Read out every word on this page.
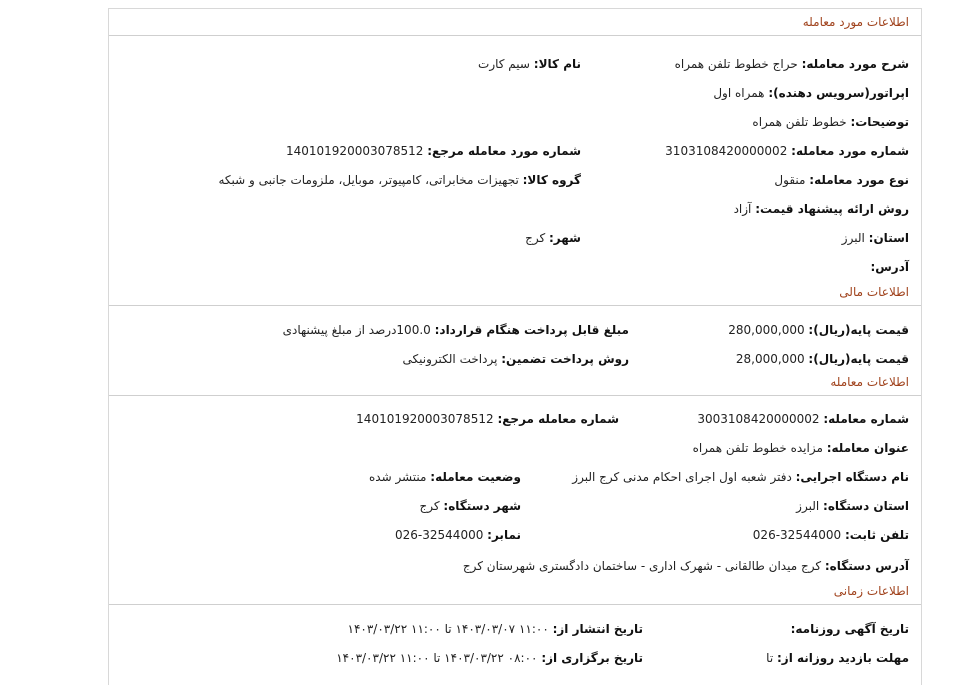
اطلاعات مورد معامله
شرح مورد معامله: حراج خطوط تلفن همراه
نام کالا: سیم کارت
اپراتور(سرویس دهنده): همراه اول
توضیحات: خطوط تلفن همراه
شماره مورد معامله: 3103108420000002
شماره مورد معامله مرجع: 140101920003078512
نوع مورد معامله: منقول
گروه کالا: تجهیزات مخابراتی، کامپیوتر، موبایل، ملزومات جانبی و شبکه
روش ارائه پیشنهاد قیمت: آزاد
استان: البرز
شهر: کرج
آدرس:
اطلاعات مالی
قیمت پایه(ریال): 280,000,000
مبلغ قابل پرداخت هنگام قرارداد: 100.0درصد از مبلغ پیشنهادی
قیمت پایه(ریال): 28,000,000
روش پرداخت تضمین: پرداخت الکترونیکی
اطلاعات معامله
شماره معامله: 3003108420000002
شماره معامله مرجع: 140101920003078512
عنوان معامله: مزایده خطوط تلفن همراه
نام دستگاه اجرایی: دفتر شعبه اول اجرای احکام مدنی کرج البرز
وضعیت معامله: منتشر شده
استان دستگاه: البرز
شهر دستگاه: کرج
تلفن ثابت: 32544000-026
نمابر: 32544000-026
آدرس دستگاه: کرج میدان طالقانی - شهرک اداری - ساختمان دادگستری شهرستان کرج
اطلاعات زمانی
تاریخ آگهی روزنامه:
تاریخ انتشار از: ۱۱:۰۰ ۱۴۰۳/۰۳/۰۷ تا ۱۱:۰۰ ۱۴۰۳/۰۳/۲۲
مهلت بازدید روزانه از: تا
تاریخ برگزاری از: ۰۸:۰۰ ۱۴۰۳/۰۳/۲۲ تا ۱۱:۰۰ ۱۴۰۳/۰۳/۲۲
